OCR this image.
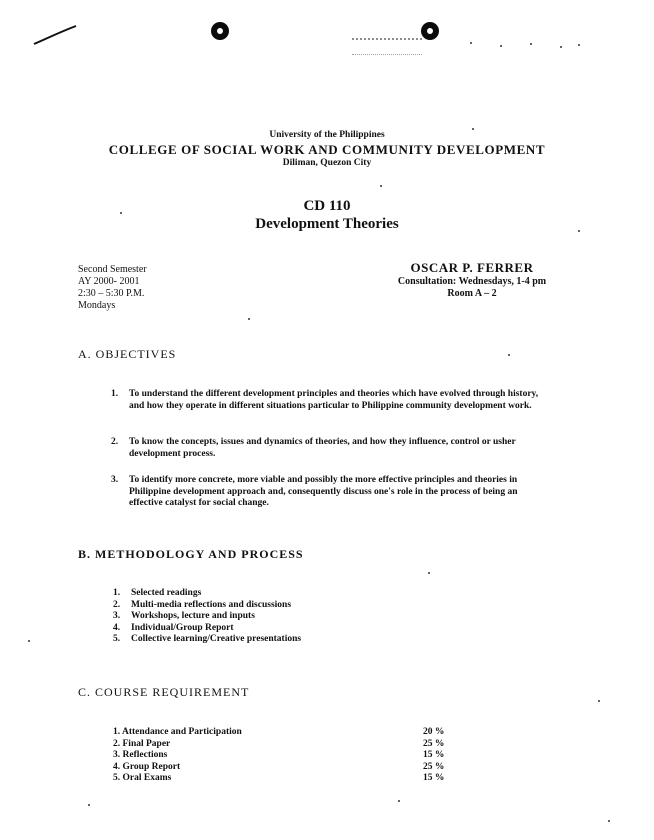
University of the Philippines
COLLEGE OF SOCIAL WORK AND COMMUNITY DEVELOPMENT
Diliman, Quezon City
CD 110
Development Theories
Second Semester
AY 2000- 2001
2:30 – 5:30 P.M.
Mondays
OSCAR P. FERRER
Consultation: Wednesdays, 1-4 pm
Room A – 2
A. OBJECTIVES
1.	To understand the different development principles and theories which have evolved through history, and how they operate in different situations particular to Philippine community development work.
2.	To know the concepts, issues and dynamics of theories, and how they influence, control or usher development process.
3.	To identify more concrete, more viable and possibly the more effective principles and theories in Philippine development approach and, consequently discuss one's role in the process of being an effective catalyst for social change.
B. METHODOLOGY AND PROCESS
1.	Selected readings
2.	Multi-media reflections and discussions
3.	Workshops, lecture and inputs
4.	Individual/Group Report
5.	Collective learning/Creative presentations
C. COURSE REQUIREMENT
1. Attendance and Participation	20 %
2. Final Paper	25 %
3. Reflections	15 %
4. Group Report	25 %
5. Oral Exams	15 %
